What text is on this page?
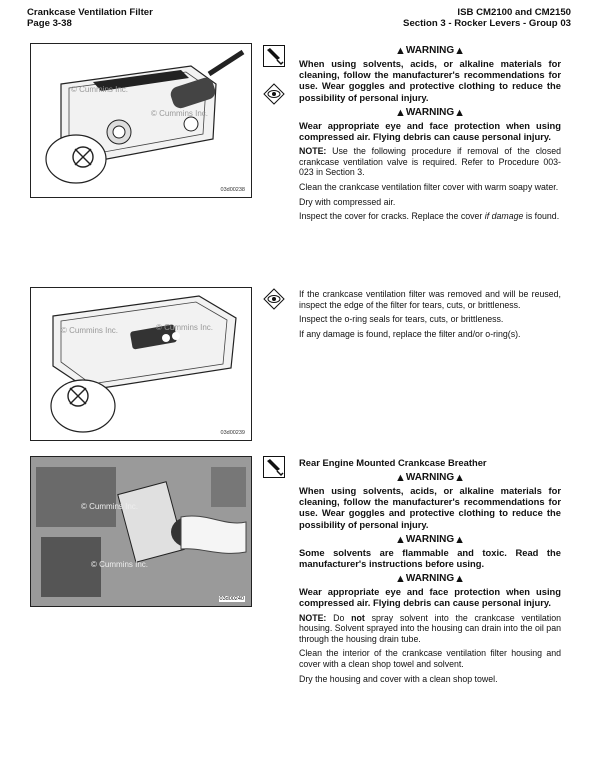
Crankcase Ventilation Filter
Page 3-38
ISB CM2100 and CM2150
Section 3 - Rocker Levers - Group 03
© Cummins Inc.
© Cummins Inc.
03d00238
© Cummins Inc.	© Cummins Inc.
03d00239
© Cummins Inc.
© Cummins Inc.
03d00240
▲WARNING▲
When using solvents, acids, or alkaline materials for cleaning, follow the manufacturer's recommendations for use. Wear goggles and protective clothing to reduce the possibility of personal injury.
▲WARNING▲
Wear appropriate eye and face protection when using compressed air. Flying debris can cause personal injury.
NOTE: Use the following procedure if removal of the closed crankcase ventilation valve is required. Refer to Procedure 003-023 in Section 3.
Clean the crankcase ventilation filter cover with warm soapy water.
Dry with compressed air.
Inspect the cover for cracks. Replace the cover if damage is found.
If the crankcase ventilation filter was removed and will be reused, inspect the edge of the filter for tears, cuts, or brittleness.
Inspect the o-ring seals for tears, cuts, or brittleness.
If any damage is found, replace the filter and/or o-ring(s).
Rear Engine Mounted Crankcase Breather
▲WARNING▲
When using solvents, acids, or alkaline materials for cleaning, follow the manufacturer's recommendations for use. Wear goggles and protective clothing to reduce the possibility of personal injury.
▲WARNING▲
Some solvents are flammable and toxic. Read the manufacturer's instructions before using.
▲WARNING▲
Wear appropriate eye and face protection when using compressed air. Flying debris can cause personal injury.
NOTE: Do not spray solvent into the crankcase ventilation housing. Solvent sprayed into the housing can drain into the oil pan through the housing drain tube.
Clean the interior of the crankcase ventilation filter housing and cover with a clean shop towel and solvent.
Dry the housing and cover with a clean shop towel.
